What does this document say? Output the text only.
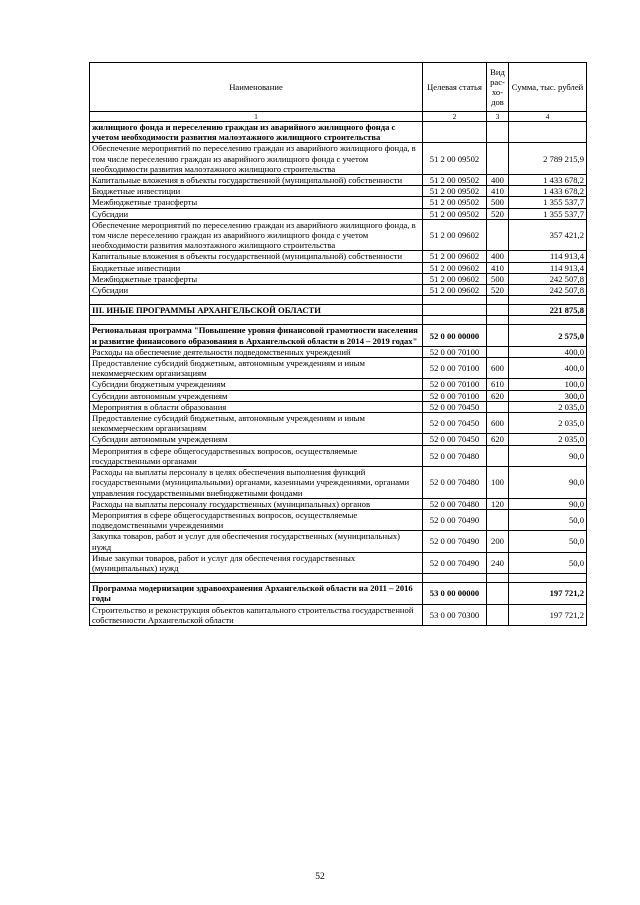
Наименование	Целевая статья	Вид рас-хо-дов	Сумма, тыс. рублей
1	2	3	4
жилищного фонда и переселению граждан из аварийного жилищного фонда с учетом необходимости развития малоэтажного жилищного строительства			
Обеспечение мероприятий по переселению граждан из аварийного жилищного фонда, в том числе переселению граждан из аварийного жилищного фонда с учетом необходимости развития малоэтажного жилищного строительства	51 2 00 09502		2 789 215,9
Капитальные вложения в объекты государственной (муниципальной) собственности	51 2 00 09502	400	1 433 678,2
Бюджетные инвестиции	51 2 00 09502	410	1 433 678,2
Межбюджетные трансферты	51 2 00 09502	500	1 355 537,7
Субсидии	51 2 00 09502	520	1 355 537,7
Обеспечение мероприятий по переселению граждан из аварийного жилищного фонда, в том числе переселению граждан из аварийного жилищного фонда с учетом необходимости развития малоэтажного жилищного строительства	51 2 00 09602		357 421,2
Капитальные вложения в объекты государственной (муниципальной) собственности	51 2 00 09602	400	114 913,4
Бюджетные инвестиции	51 2 00 09602	410	114 913,4
Межбюджетные трансферты	51 2 00 09602	500	242 507,8
Субсидии	51 2 00 09602	520	242 507,8

III. ИНЫЕ ПРОГРАММЫ АРХАНГЕЛЬСКОЙ ОБЛАСТИ			221 875,8

Региональная программа "Повышение уровня финансовой грамотности населения и развитие финансового образования в Архангельской области в 2014 – 2019 годах"	52 0 00 00000		2 575,0
Расходы на обеспечение деятельности подведомственных учреждений	52 0 00 70100		400,0
Предоставление субсидий бюджетным, автономным учреждениям и иным некоммерческим организациям	52 0 00 70100	600	400,0
Субсидии бюджетным учреждениям	52 0 00 70100	610	100,0
Субсидии автономным учреждениям	52 0 00 70100	620	300,0
Мероприятия в области образования	52 0 00 70450		2 035,0
Предоставление субсидий бюджетным, автономным учреждениям и иным некоммерческим организациям	52 0 00 70450	600	2 035,0
Субсидии автономным учреждениям	52 0 00 70450	620	2 035,0
Мероприятия в сфере общегосударственных вопросов, осуществляемые государственными органами	52 0 00 70480		90,0
Расходы на выплаты персоналу в целях обеспечения выполнения функций государственными (муниципальными) органами, казенными учреждениями, органами управления государственными внебюджетными фондами	52 0 00 70480	100	90,0
Расходы на выплаты персоналу государственных (муниципальных) органов	52 0 00 70480	120	90,0
Мероприятия в сфере общегосударственных вопросов, осуществляемые подведомственными учреждениями	52 0 00 70490		50,0
Закупка товаров, работ и услуг для обеспечения государственных (муниципальных) нужд	52 0 00 70490	200	50,0
Иные закупки товаров, работ и услуг для обеспечения государственных (муниципальных) нужд	52 0 00 70490	240	50,0

Программа модернизации здравоохранения Архангельской области на 2011 – 2016 годы	53 0 00 00000		197 721,2
Строительство и реконструкция объектов капитального строительства государственной собственности Архангельской области	53 0 00 70300		197 721,2
52
